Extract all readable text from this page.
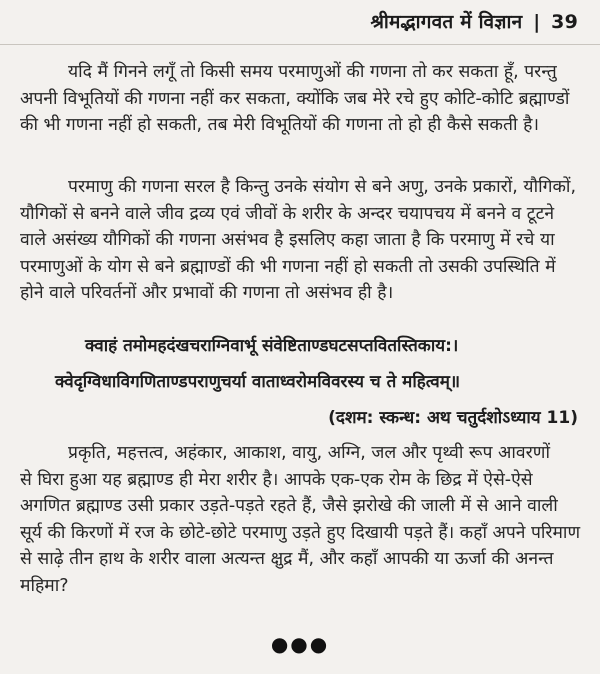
श्रीमद्भागवत में विज्ञान | 39
यदि मैं गिनने लगूँ तो किसी समय परमाणुओं की गणना तो कर सकता हूँ, परन्तु
अपनी विभूतियों की गणना नहीं कर सकता, क्योंकि जब मेरे रचे हुए कोटि-कोटि ब्रह्माण्डों
की भी गणना नहीं हो सकती, तब मेरी विभूतियों की गणना तो हो ही कैसे सकती है।
परमाणु की गणना सरल है किन्तु उनके संयोग से बने अणु, उनके प्रकारों, यौगिकों,
यौगिकों से बनने वाले जीव द्रव्य एवं जीवों के शरीर के अन्दर चयापचय में बनने व टूटने
वाले असंख्य यौगिकों की गणना असंभव है इसलिए कहा जाता है कि परमाणु में रचे या
परमाणुओं के योग से बने ब्रह्माण्डों की भी गणना नहीं हो सकती तो उसकी उपस्थिति में
होने वाले परिवर्तनों और प्रभावों की गणना तो असंभव ही है।
क्वाहं तमोमहदंखचराग्निवार्भू संवेष्टिताण्डघटसप्तवितस्तिकाय:।
क्वेदृग्विधाविगणिताण्डपराणुचर्या वाताध्वरोमविवरस्य च ते महित्वम्॥
(दशम: स्कन्ध: अथ चतुर्दशोऽध्याय 11)
प्रकृति, महत्तत्व, अहंकार, आकाश, वायु, अग्नि, जल और पृथ्वी रूप आवरणों
से घिरा हुआ यह ब्रह्माण्ड ही मेरा शरीर है। आपके एक-एक रोम के छिद्र में ऐसे-ऐसे
अगणित ब्रह्माण्ड उसी प्रकार उड़ते-पड़ते रहते हैं, जैसे झरोखे की जाली में से आने वाली
सूर्य की किरणों में रज के छोटे-छोटे परमाणु उड़ते हुए दिखायी पड़ते हैं। कहाँ अपने परिमाण
से साढ़े तीन हाथ के शरीर वाला अत्यन्त क्षुद्र मैं, और कहाँ आपकी या ऊर्जा की अनन्त
महिमा?
●●●
